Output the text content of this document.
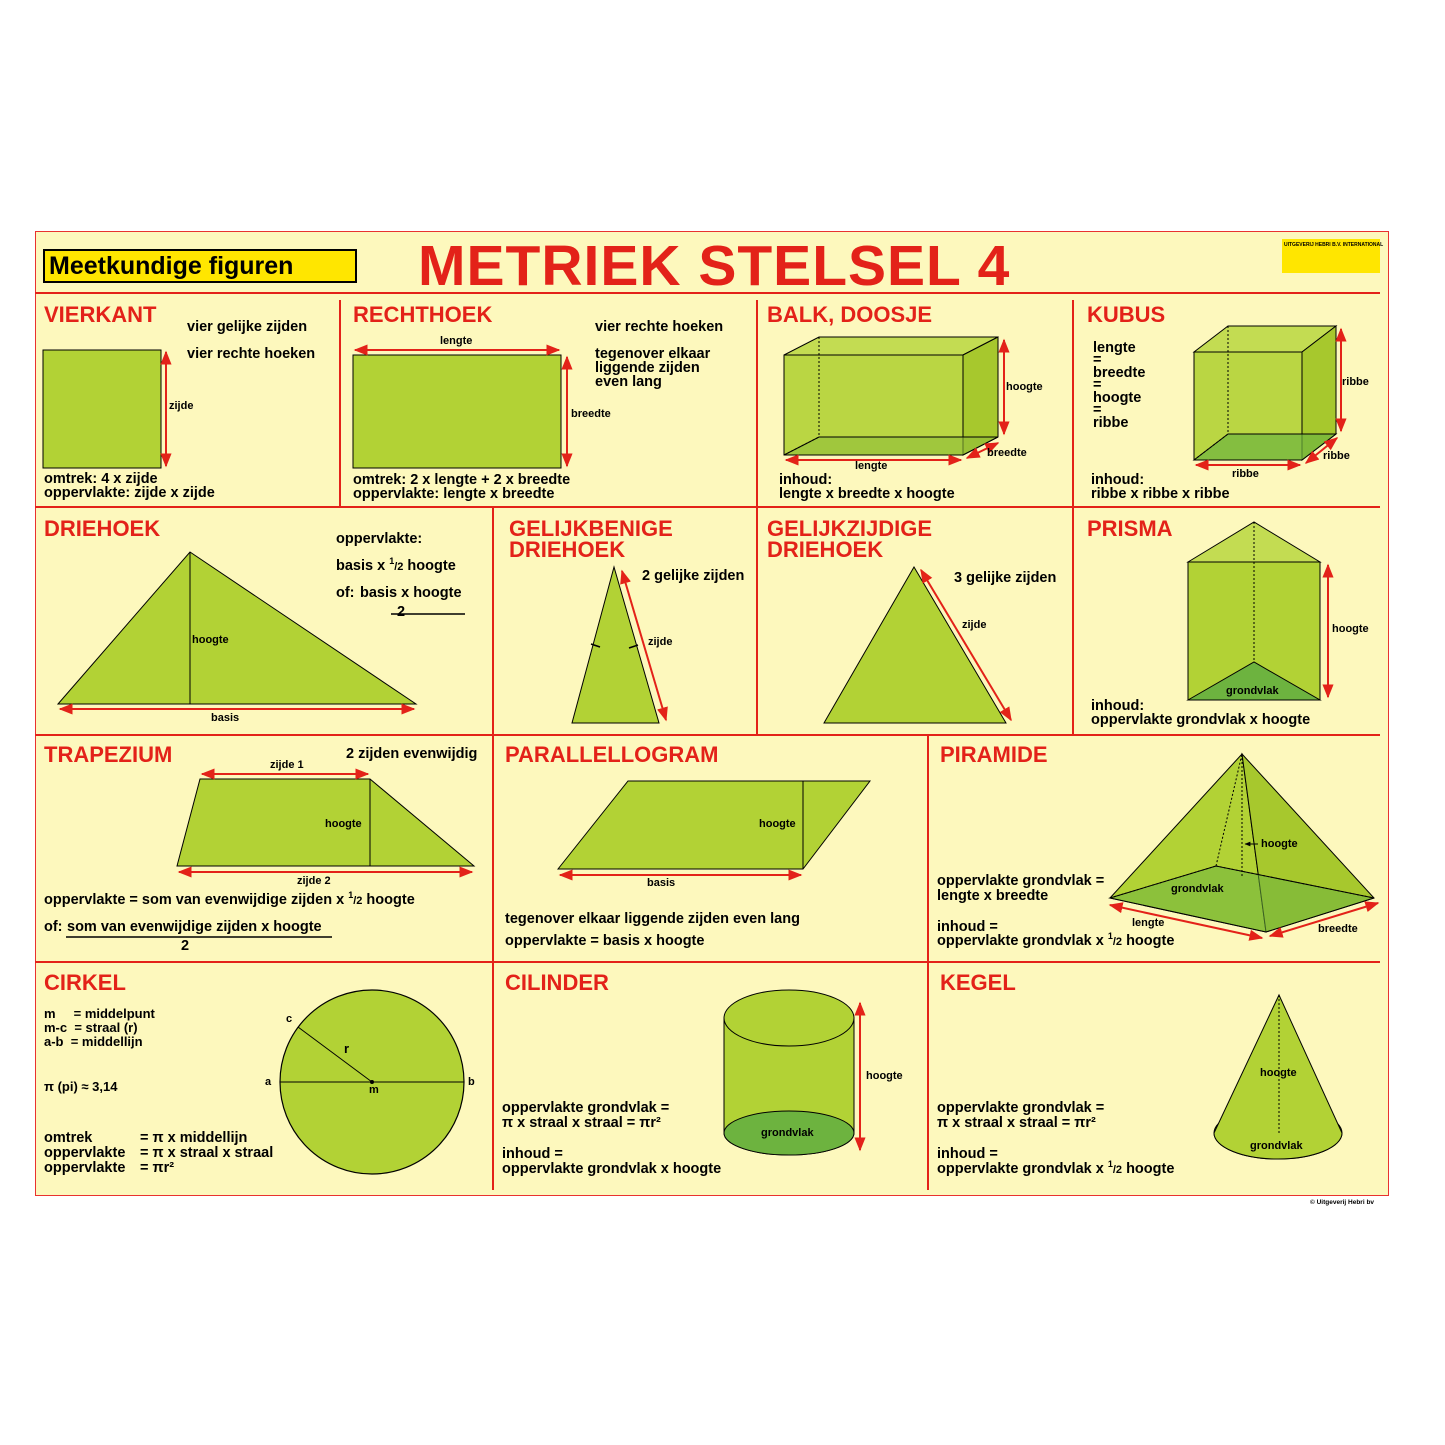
Meetkundige figuren	METRIEK STELSEL 4	UITGEVERIJ HEBRI B.V. INTERNATIONAL
© Uitgeverij Hebri bv
VIERKANT vier gelijke zijden
vier rechte hoeken
zijde
omtrek: 4 x zijde
oppervlakte: zijde x zijde
RECHTHOEK	vier rechte hoeken
tegenover elkaar
liggende zijden
even lang
lengte
breedte
omtrek: 2 x lengte + 2 x breedte
oppervlakte: lengte x breedte
BALK, DOOSJE
hoogte
lengte
breedte
inhoud:
lengte x breedte x hoogte
KUBUS
lengte
=
breedte
=
hoogte
=
ribbe
ribbe
ribbe
ribbe
inhoud:
ribbe x ribbe x ribbe
DRIEHOEK	oppervlakte:
basis x $^1$/2 hoogte
of: basis x hoogte
2
hoogte
basis
GELIJKBENIGE
DRIEHOEK
2 gelijke zijden
zijde
GELIJKZIJDIGE
DRIEHOEK
3 gelijke zijden
zijde
PRISMA
hoogte
grondvlak
inhoud:
oppervlakte grondvlak x hoogte
TRAPEZIUM	2 zijden evenwijdig
zijde 1
hoogte
zijde 2
oppervlakte = som van evenwijdige zijden x $^1$/2 hoogte
of: som van evenwijdige zijden x hoogte
2
PARALLELLOGRAM
hoogte
basis
tegenover elkaar liggende zijden even lang
oppervlakte = basis x hoogte
PIRAMIDE
hoogte
grondvlak
lengte	breedte
oppervlakte grondvlak =
lengte x breedte
inhoud =
oppervlakte grondvlak x $^1$/2 hoogte
CIRKEL
m     = middelpunt
m-c  = straal (r)
a-b  = middellijn
π (pi) ≈ 3,14
omtrek	= π x middellijn
oppervlakte = π x straal x straal
oppervlakte = πr²
a	b
c
m
r
CILINDER
hoogte
grondvlak
oppervlakte grondvlak =
π x straal x straal = πr²
inhoud =
oppervlakte grondvlak x hoogte
KEGEL
hoogte
grondvlak
oppervlakte grondvlak =
π x straal x straal = πr²
inhoud =
oppervlakte grondvlak x $^1$/2 hoogte
